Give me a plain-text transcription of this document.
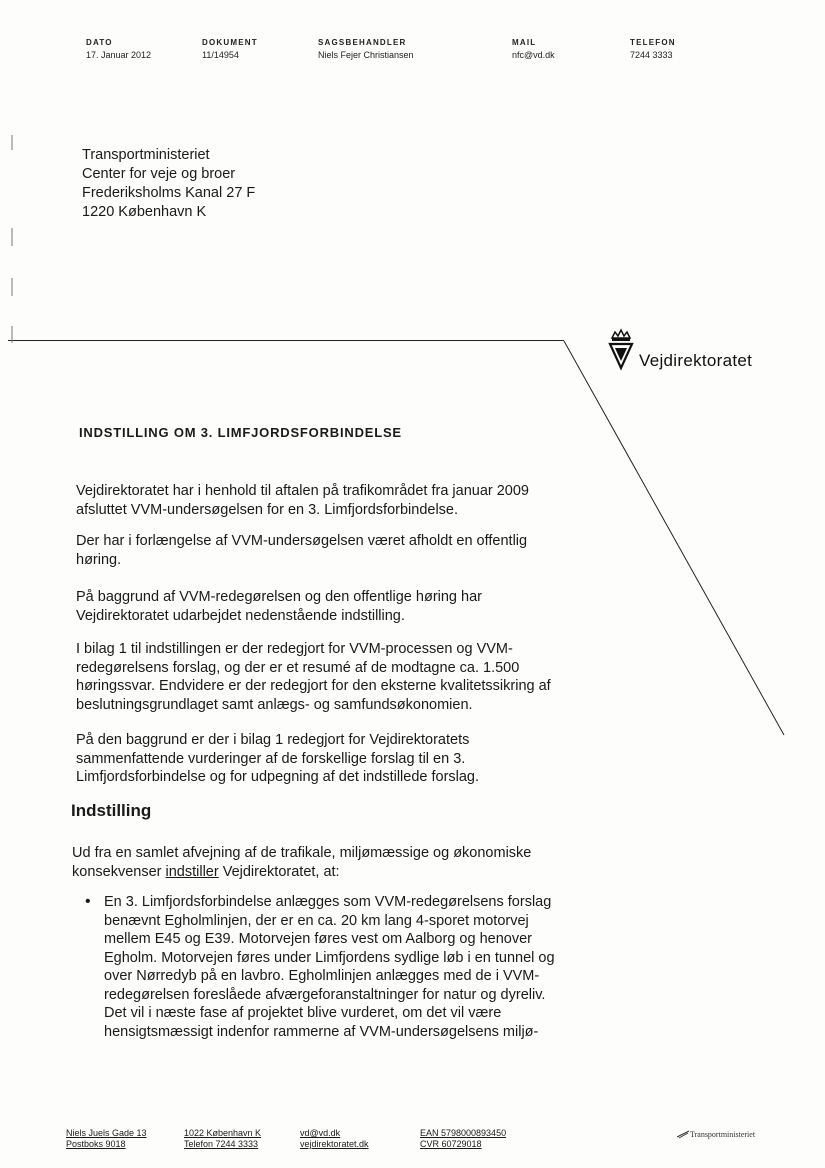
DATO
17. Januar 2012
DOKUMENT
11/14954
SAGSBEHANDLER
Niels Fejer Christiansen
MAIL
nfc@vd.dk
TELEFON
7244 3333
Transportministeriet
Center for veje og broer
Frederiksholms Kanal 27 F
1220 København K
Vejdirektoratet
INDSTILLING OM 3. LIMFJORDSFORBINDELSE
Vejdirektoratet har i henhold til aftalen på trafikområdet fra januar 2009 afsluttet VVM-undersøgelsen for en 3. Limfjordsforbindelse.
Der har i forlængelse af VVM-undersøgelsen været afholdt en offentlig høring.
På baggrund af VVM-redegørelsen og den offentlige høring har Vejdirektoratet udarbejdet nedenstående indstilling.
I bilag 1 til indstillingen er der redegjort for VVM-processen og VVM-redegørelsens forslag, og der er et resumé af de modtagne ca. 1.500 høringssvar. Endvidere er der redegjort for den eksterne kvalitetssikring af beslutningsgrundlaget samt anlægs- og samfundsøkonomien.
På den baggrund er der i bilag 1 redegjort for Vejdirektoratets sammenfattende vurderinger af de forskellige forslag til en 3. Limfjordsforbindelse og for udpegning af det indstillede forslag.
Indstilling
Ud fra en samlet afvejning af de trafikale, miljømæssige og økonomiske konsekvenser indstiller Vejdirektoratet, at:
• En 3. Limfjordsforbindelse anlægges som VVM-redegørelsens forslag benævnt Egholmlinjen, der er en ca. 20 km lang 4-sporet motorvej mellem E45 og E39. Motorvejen føres vest om Aalborg og henover Egholm. Motorvejen føres under Limfjordens sydlige løb i en tunnel og over Nørredyb på en lavbro. Egholmlinjen anlægges med de i VVM-redegørelsen foreslåede afværgeforanstaltninger for natur og dyreliv. Det vil i næste fase af projektet blive vurderet, om det vil være hensigtsmæssigt indenfor rammerne af VVM-undersøgelsens miljø-
Niels Juels Gade 13
Postboks 9018
1022 København K
Telefon 7244 3333
vd@vd.dk
vejdirektoratet.dk
EAN 5798000893450
CVR 60729018
Transportministeriet
